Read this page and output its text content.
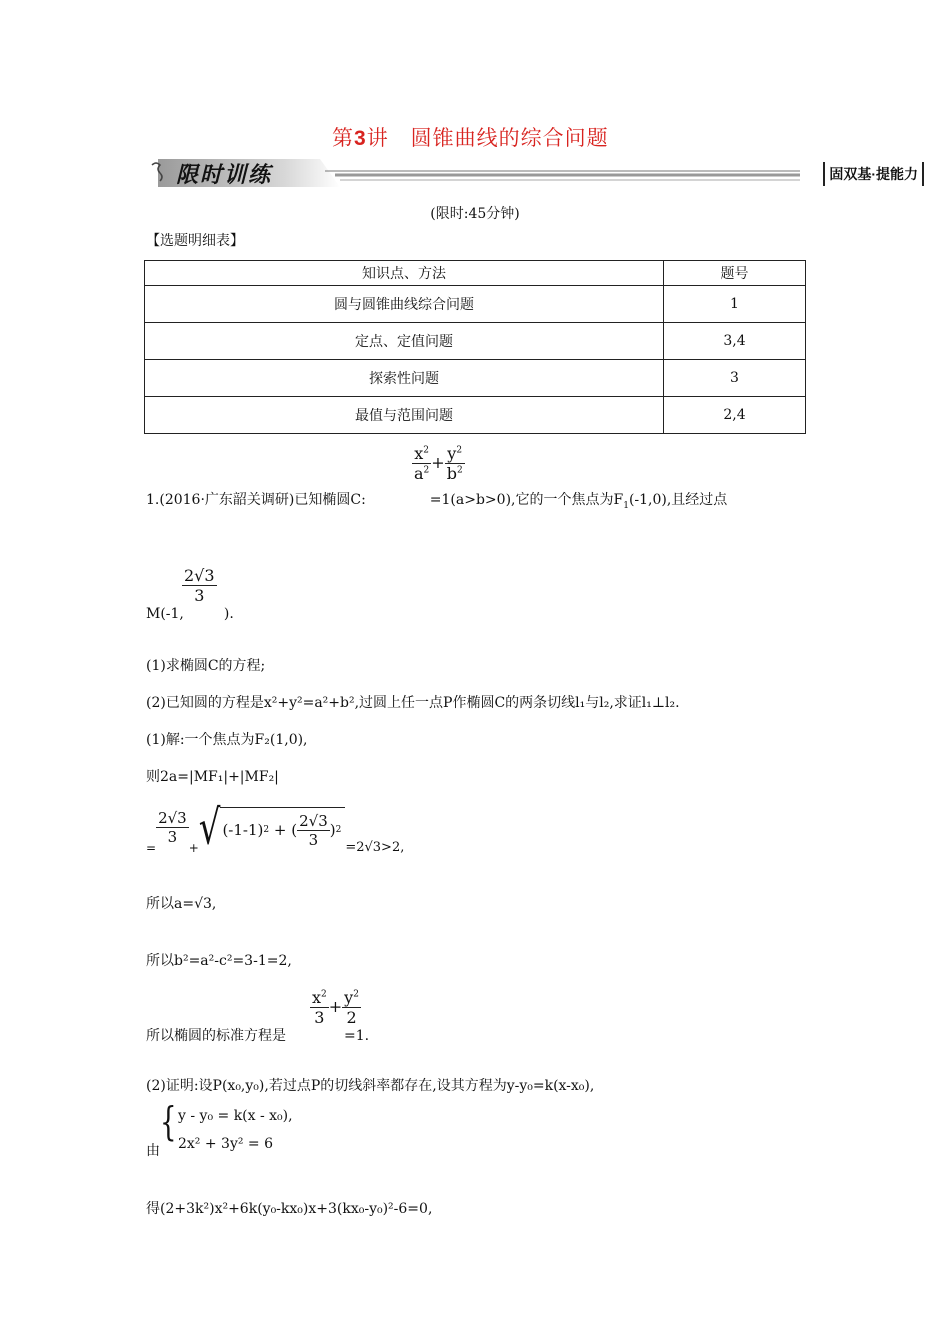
第3讲　圆锥曲线的综合问题
限时训练	固双基·提能力
(限时:45分钟)
【选题明细表】
知识点、方法	题号
圆与圆锥曲线综合问题	1
定点、定值问题	3,4
探索性问题	3
最值与范围问题	2,4
$\frac{x^2}{a^2} + \frac{y^2}{b^2}$
1.(2016·广东韶关调研)已知椭圆C:	=1(a>b>0),它的一个焦点为$F_1(-1,0)$,且经过点
$\frac{2√3}{3}$
M(-1,	).
(1)求椭圆C的方程;
(2)已知圆的方程是x²+y²=a²+b²,过圆上任一点P作椭圆C的两条切线l₁与l₂,求证l₁⊥l₂.
(1)解:一个焦点为F₂(1,0),
则2a=|MF₁|+|MF₂|
=
$\frac{2√3}{3}$
+ √ (-1-1) 2 + ( $\frac{2√3}{3}$ ) 2
=2√3>2,
所以a=√3,
所以b²=a²-c²=3-1=2,
$\frac{x^2}{3} + \frac{y^2}{2}$
所以椭圆的标准方程是	=1.
(2)证明:设P(x₀,y₀),若过点P的切线斜率都存在,设其方程为y-y₀=k(x-x₀),
由
{ y - y₀ = k(x - x₀),
2x² + 3y² = 6
得(2+3k²)x²+6k(y₀-kx₀)x+3(kx₀-y₀)²-6=0,
